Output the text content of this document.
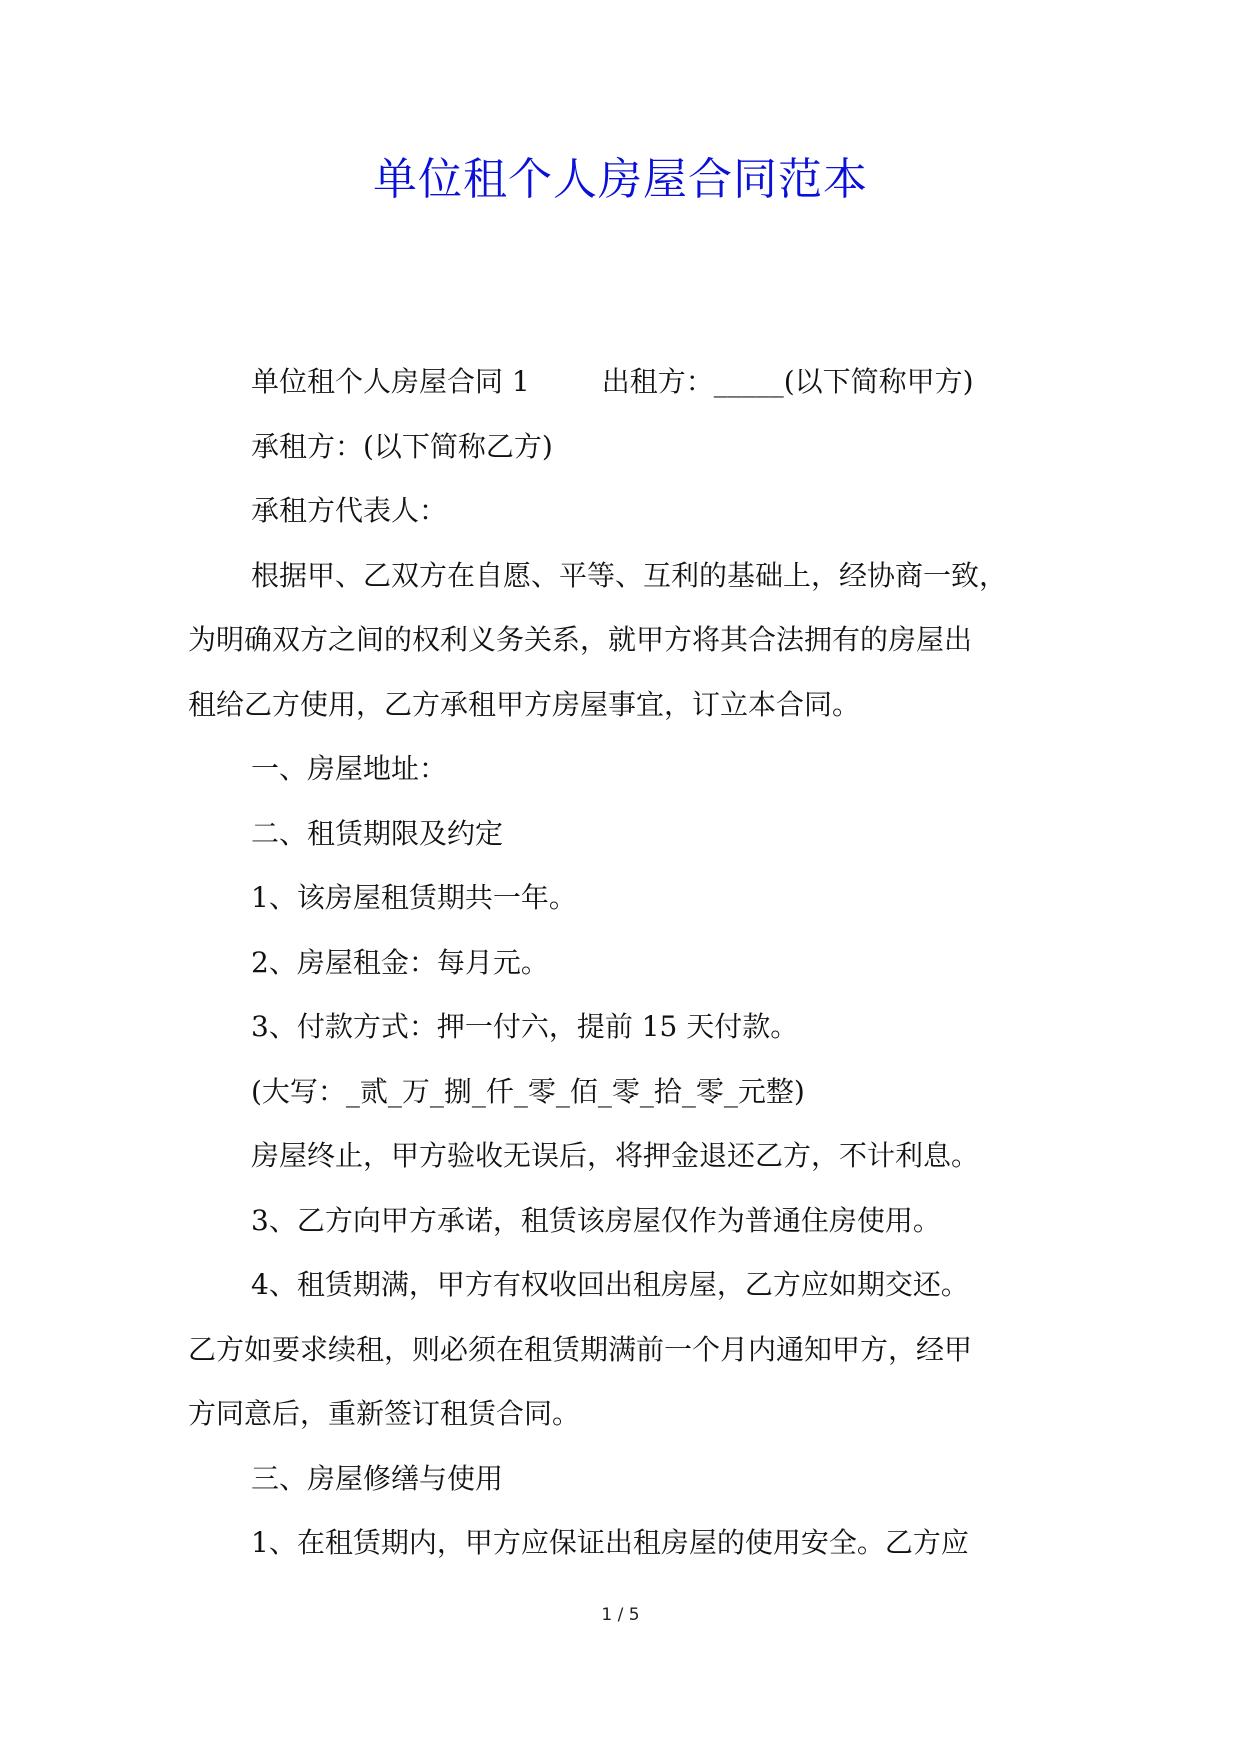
单位租个人房屋合同范本
单位租个人房屋合同 1	出租方：_____(以下简称甲方)
承租方：(以下简称乙方)
承租方代表人：
根据甲、乙双方在自愿、平等、互利的基础上，经协商一致，
为明确双方之间的权利义务关系，就甲方将其合法拥有的房屋出
租给乙方使用，乙方承租甲方房屋事宜，订立本合同。
一、房屋地址：
二、租赁期限及约定
1、该房屋租赁期共一年。
2、房屋租金：每月元。
3、付款方式：押一付六，提前 15 天付款。
(大写：_贰_万_捌_仟_零_佰_零_拾_零_元整)
房屋终止，甲方验收无误后，将押金退还乙方，不计利息。
3、乙方向甲方承诺，租赁该房屋仅作为普通住房使用。
4、租赁期满，甲方有权收回出租房屋，乙方应如期交还。
乙方如要求续租，则必须在租赁期满前一个月内通知甲方，经甲
方同意后，重新签订租赁合同。
三、房屋修缮与使用
1、在租赁期内，甲方应保证出租房屋的使用安全。乙方应
1 / 5
